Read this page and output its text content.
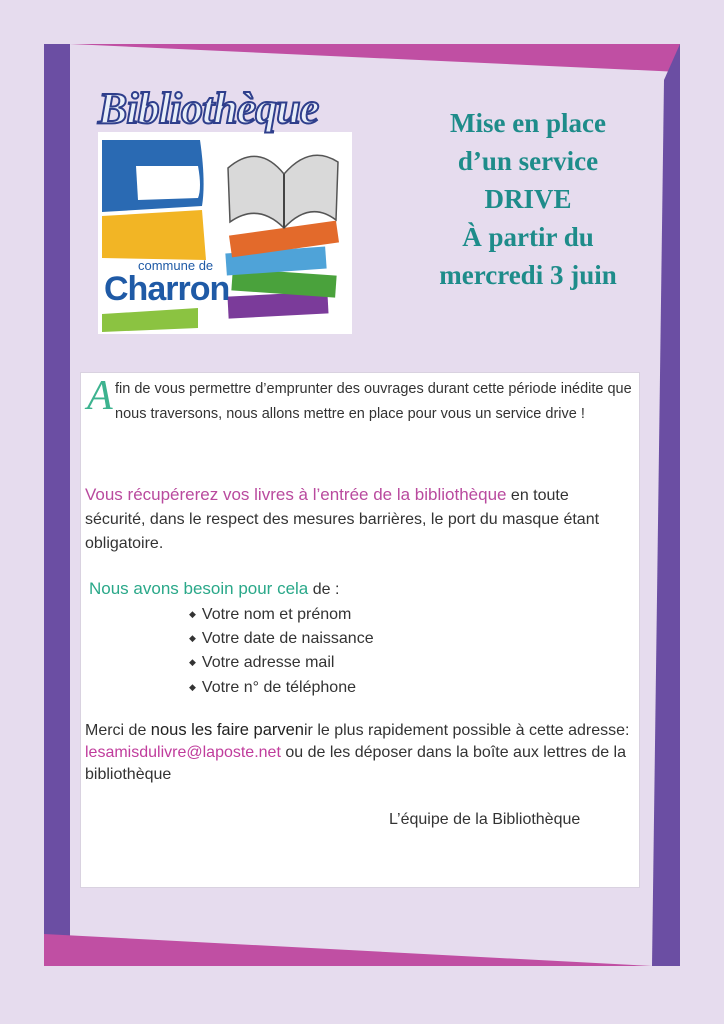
Bibliothèque
commune de
Charron
Mise en place
d’un service
DRIVE
À partir du
mercredi 3 juin
A fin de vous permettre d’emprunter des ouvrages durant cette période inédite que nous traversons, nous allons mettre en place pour vous un service drive !
Vous récupérerez vos livres à l’entrée de la bibliothèque en toute sécurité, dans le respect des mesures barrières, le port du masque étant obligatoire.
Nous avons besoin pour cela de :
◆ Votre nom et prénom
◆ Votre date de naissance
◆ Votre adresse mail
◆ Votre n° de téléphone
Merci de nous les faire parvenir le plus rapidement possible à cette adresse: lesamisdulivre@laposte.net ou de les déposer dans la boîte aux lettres de la bibliothèque
L’équipe de la Bibliothèque
